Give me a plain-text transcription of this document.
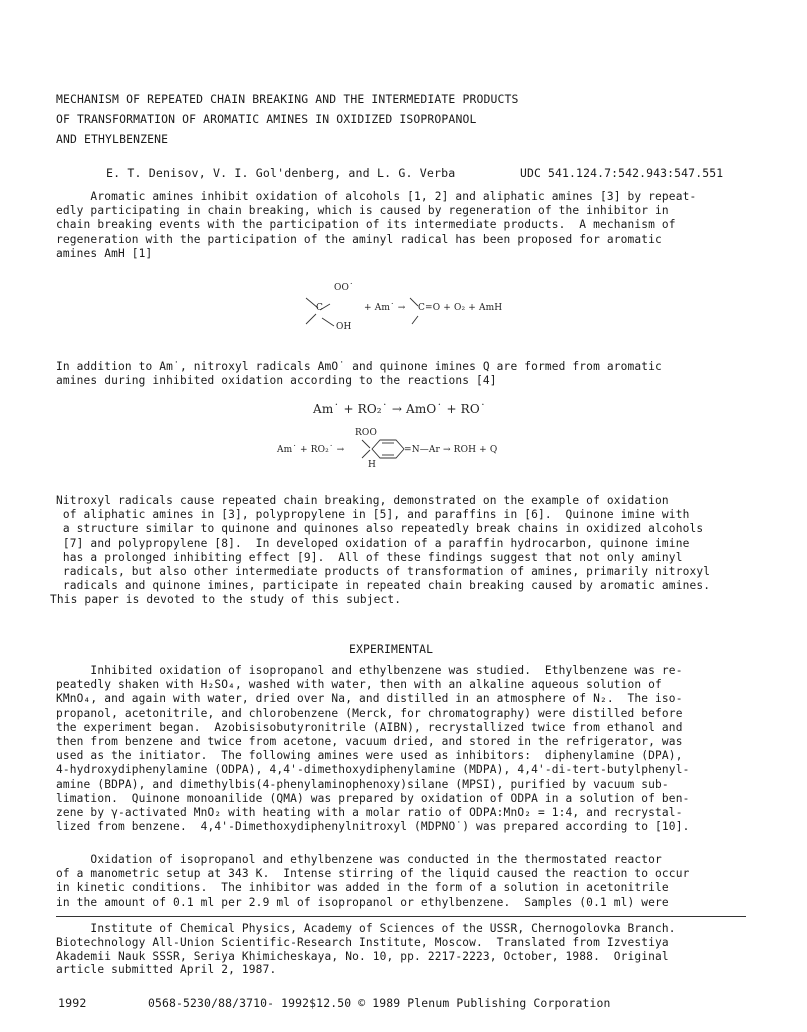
MECHANISM OF REPEATED CHAIN BREAKING AND THE INTERMEDIATE PRODUCTS
OF TRANSFORMATION OF AROMATIC AMINES IN OXIDIZED ISOPROPANOL
AND ETHYLBENZENE
E. T. Denisov, V. I. Gol'denberg, and L. G. Verba	UDC 541.124.7:542.943:547.551
Aromatic amines inhibit oxidation of alcohols [1, 2] and aliphatic amines [3] by repeat-
edly participating in chain breaking, which is caused by regeneration of the inhibitor in
chain breaking events with the participation of its intermediate products.  A mechanism of
regeneration with the participation of the aminyl radical has been proposed for aromatic
amines AmH [1]
OO˙
C
OH
+ Am˙ → C=O + O₂ + AmH
In addition to Am˙, nitroxyl radicals AmO˙ and quinone imines Q are formed from aromatic
amines during inhibited oxidation according to the reactions [4]
Am˙ + RO₂˙ → AmO˙ + RO˙
ROO
Am˙ + RO₂˙ →	=N—Ar → ROH + Q
H
Nitroxyl radicals cause repeated chain breaking, demonstrated on the example of oxidation
of aliphatic amines in [3], polypropylene in [5], and paraffins in [6].  Quinone imine with
a structure similar to quinone and quinones also repeatedly break chains in oxidized alcohols
[7] and polypropylene [8].  In developed oxidation of a paraffin hydrocarbon, quinone imine
has a prolonged inhibiting effect [9].  All of these findings suggest that not only aminyl
radicals, but also other intermediate products of transformation of amines, primarily nitroxyl
radicals and quinone imines, participate in repeated chain breaking caused by aromatic amines.
This paper is devoted to the study of this subject.
EXPERIMENTAL
Inhibited oxidation of isopropanol and ethylbenzene was studied.  Ethylbenzene was re-
peatedly shaken with H₂SO₄, washed with water, then with an alkaline aqueous solution of
KMnO₄, and again with water, dried over Na, and distilled in an atmosphere of N₂.  The iso-
propanol, acetonitrile, and chlorobenzene (Merck, for chromatography) were distilled before
the experiment began.  Azobisisobutyronitrile (AIBN), recrystallized twice from ethanol and
then from benzene and twice from acetone, vacuum dried, and stored in the refrigerator, was
used as the initiator.  The following amines were used as inhibitors:  diphenylamine (DPA),
4-hydroxydiphenylamine (ODPA), 4,4'-dimethoxydiphenylamine (MDPA), 4,4'-di-tert-butylphenyl-
amine (BDPA), and dimethylbis(4-phenylaminophenoxy)silane (MPSI), purified by vacuum sub-
limation.  Quinone monoanilide (QMA) was prepared by oxidation of ODPA in a solution of ben-
zene by γ-activated MnO₂ with heating with a molar ratio of ODPA:MnO₂ = 1:4, and recrystal-
lized from benzene.  4,4'-Dimethoxydiphenylnitroxyl (MDPNO˙) was prepared according to [10].
Oxidation of isopropanol and ethylbenzene was conducted in the thermostated reactor
of a manometric setup at 343 K.  Intense stirring of the liquid caused the reaction to occur
in kinetic conditions.  The inhibitor was added in the form of a solution in acetonitrile
in the amount of 0.1 ml per 2.9 ml of isopropanol or ethylbenzene.  Samples (0.1 ml) were
Institute of Chemical Physics, Academy of Sciences of the USSR, Chernogolovka Branch.
Biotechnology All-Union Scientific-Research Institute, Moscow.  Translated from Izvestiya
Akademii Nauk SSSR, Seriya Khimicheskaya, No. 10, pp. 2217-2223, October, 1988.  Original
article submitted April 2, 1987.
1992	0568-5230/88/3710- 1992$12.50 © 1989 Plenum Publishing Corporation
